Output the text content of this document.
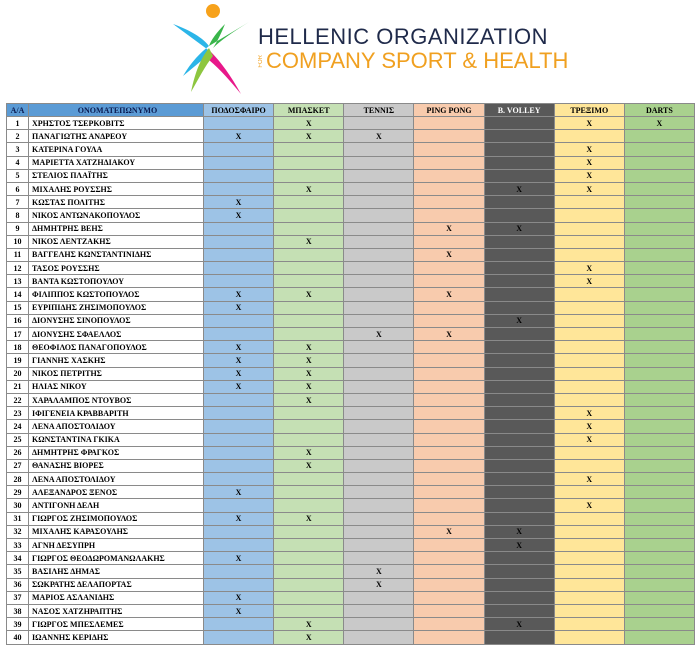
HELLENIC ORGANIZATION
FOR COMPANY SPORT & HEALTH
Α/Α	ΟΝΟΜΑΤΕΠΩΝΥΜΟ	ΠΟΔΟΣΦΑΙΡΟ	ΜΠΑΣΚΕΤ	ΤΕΝΝΙΣ	PING PONG	B. VOLLEY	ΤΡΕΞΙΜΟ	DARTS
1	ΧΡΗΣΤΟΣ ΤΣΕΡΚΟΒΙΤΣ		X				X	X
2	ΠΑΝΑΓΙΩΤΗΣ ΑΝΔΡΕΟΥ	X	X	X				
3	ΚΑΤΕΡΙΝΑ ΓΟΥΛΑ						X	
4	ΜΑΡΙΕΤΤΑ ΧΑΤΖΗΔΙΑΚΟΥ						X	
5	ΣΤΕΛΙΟΣ ΠΛΑΪΤΗΣ						X	
6	ΜΙΧΑΛΗΣ ΡΟΥΣΣΗΣ		X			X	X	
7	ΚΩΣΤΑΣ ΠΟΛΙΤΗΣ	X						
8	ΝΙΚΟΣ ΑΝΤΩΝΑΚΟΠΟΥΛΟΣ	X						
9	ΔΗΜΗΤΡΗΣ ΒΕΗΣ				X	X		
10	ΝΙΚΟΣ ΛΕΝΤΖΑΚΗΣ		X					
11	ΒΑΓΓΕΛΗΣ ΚΩΝΣΤΑΝΤΙΝΙΔΗΣ				X			
12	ΤΑΣΟΣ ΡΟΥΣΣΗΣ						X	
13	ΒΑΝΤΑ ΚΩΣΤΟΠΟΥΛΟΥ						X	
14	ΦΙΛΙΠΠΟΣ ΚΩΣΤΟΠΟΥΛΟΣ	X	X		X			
15	ΕΥΡΙΠΙΔΗΣ ΖΗΣΙΜΟΠΟΥΛΟΣ	X						
16	ΔΙΟΝΥΣΗΣ ΣΙΝΟΠΟΥΛΟΣ					X		
17	ΔΙΟΝΥΣΗΣ ΣΦΑΕΛΛΟΣ			X	X			
18	ΘΕΟΦΙΛΟΣ ΠΑΝΑΓΟΠΟΥΛΟΣ	X	X					
19	ΓΙΑΝΝΗΣ ΧΑΣΚΗΣ	X	X					
20	ΝΙΚΟΣ ΠΕΤΡΙΤΗΣ	X	X					
21	ΗΛΙΑΣ ΝΙΚΟΥ	X	X					
22	ΧΑΡΑΛΑΜΠΟΣ ΝΤΟΥΒΟΣ		X					
23	ΙΦΙΓΕΝΕΙΑ ΚΡΑΒΒΑΡΙΤΗ						X	
24	ΛΕΝΑ ΑΠΟΣΤΟΛΙΔΟΥ						X	
25	ΚΩΝΣΤΑΝΤΙΝΑ ΓΚΙΚΑ						X	
26	ΔΗΜΗΤΡΗΣ ΦΡΑΓΚΟΣ		X					
27	ΘΑΝΑΣΗΣ ΒΙΟΡΕΣ		X					
28	ΛΕΝΑ ΑΠΟΣΤΟΛΙΔΟΥ						X	
29	ΑΛΕΞΑΝΔΡΟΣ ΞΕΝΟΣ	X						
30	ΑΝΤΙΓΟΝΗ ΔΕΛΗ						X	
31	ΓΙΩΡΓΟΣ ΖΗΣΙΜΟΠΟΥΛΟΣ	X	X					
32	ΜΙΧΑΛΗΣ ΚΑΡΑΣΟΥΛΗΣ				X	X		
33	ΑΓΝΗ ΔΕΣΥΠΡΗ					X		
34	ΓΙΩΡΓΟΣ ΘΕΟΔΩΡΟΜΑΝΩΛΑΚΗΣ	X						
35	ΒΑΣΙΛΗΣ ΔΗΜΑΣ			X				
36	ΣΩΚΡΑΤΗΣ ΔΕΛΑΠΟΡΤΑΣ			X				
37	ΜΑΡΙΟΣ ΑΣΛΑΝΙΔΗΣ	X						
38	ΝΑΣΟΣ ΧΑΤΖΗΡΑΠΤΗΣ	X						
39	ΓΙΩΡΓΟΣ ΜΠΕΣΛΕΜΕΣ		X			X		
40	ΙΩΑΝΝΗΣ ΚΕΡΙΔΗΣ		X					
